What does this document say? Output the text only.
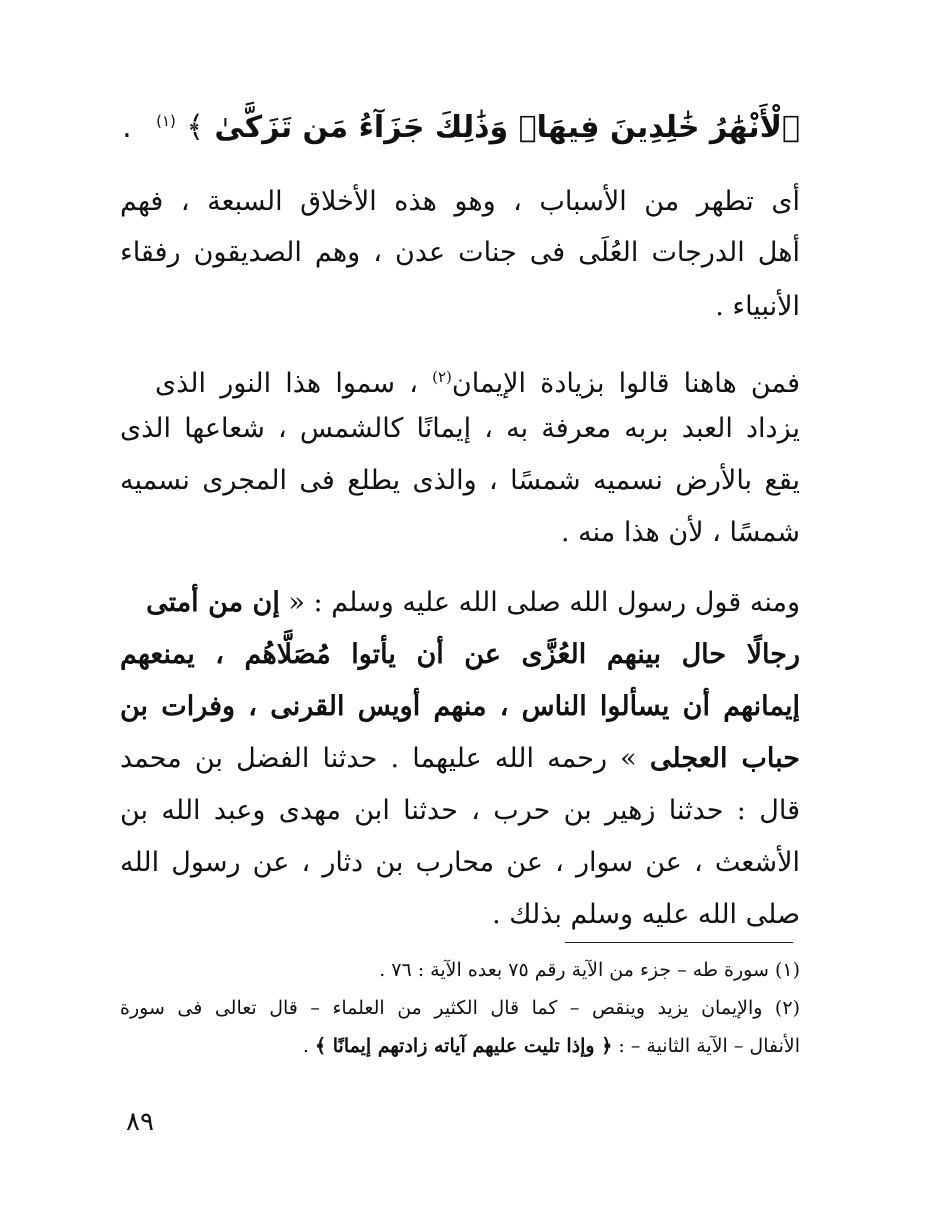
ٱلْأَنْهَٰرُ خَٰلِدِينَ فِيهَاۚ وَذَٰلِكَ جَزَآءُ مَن تَزَكَّىٰ ﴾ $^{(١)}$ .
أى تطهر من الأسباب ، وهو هذه الأخلاق السبعة ، فهم
أهل الدرجات العُلَى فى جنات عدن ، وهم الصديقون رفقاء
الأنبياء .
فمن هاهنا قالوا بزيادة الإيمان$^{(٢)}$ ، سموا هذا النور الذى
يزداد العبد بربه معرفة به ، إيمانًا كالشمس ، شعاعها الذى
يقع بالأرض نسميه شمسًا ، والذى يطلع فى المجرى نسميه
شمسًا ، لأن هذا منه .
ومنه قول رسول الله صلى الله عليه وسلم : « إن من أمتى
رجالًا حال بينهم العُزَّى عن أن يأتوا مُصَلَّاهُم ، يمنعهم
إيمانهم أن يسألوا الناس ، منهم أويس القرنى ، وفرات بن
حباب العجلى » رحمه الله عليهما . حدثنا الفضل بن محمد
قال : حدثنا زهير بن حرب ، حدثنا ابن مهدى وعبد الله بن
الأشعث ، عن سوار ، عن محارب بن دثار ، عن رسول الله
صلى الله عليه وسلم بذلك .
(١) سورة طه – جزء من الآية رقم ٧٥ بعده الآية : ٧٦ .
(٢) والإيمان يزيد وينقص – كما قال الكثير من العلماء – قال تعالى فى سورة
الأنفال – الآية الثانية – : ﴿ وإذا تليت عليهم آياته زادتهم إيمانًا ﴾ .
٨٩
